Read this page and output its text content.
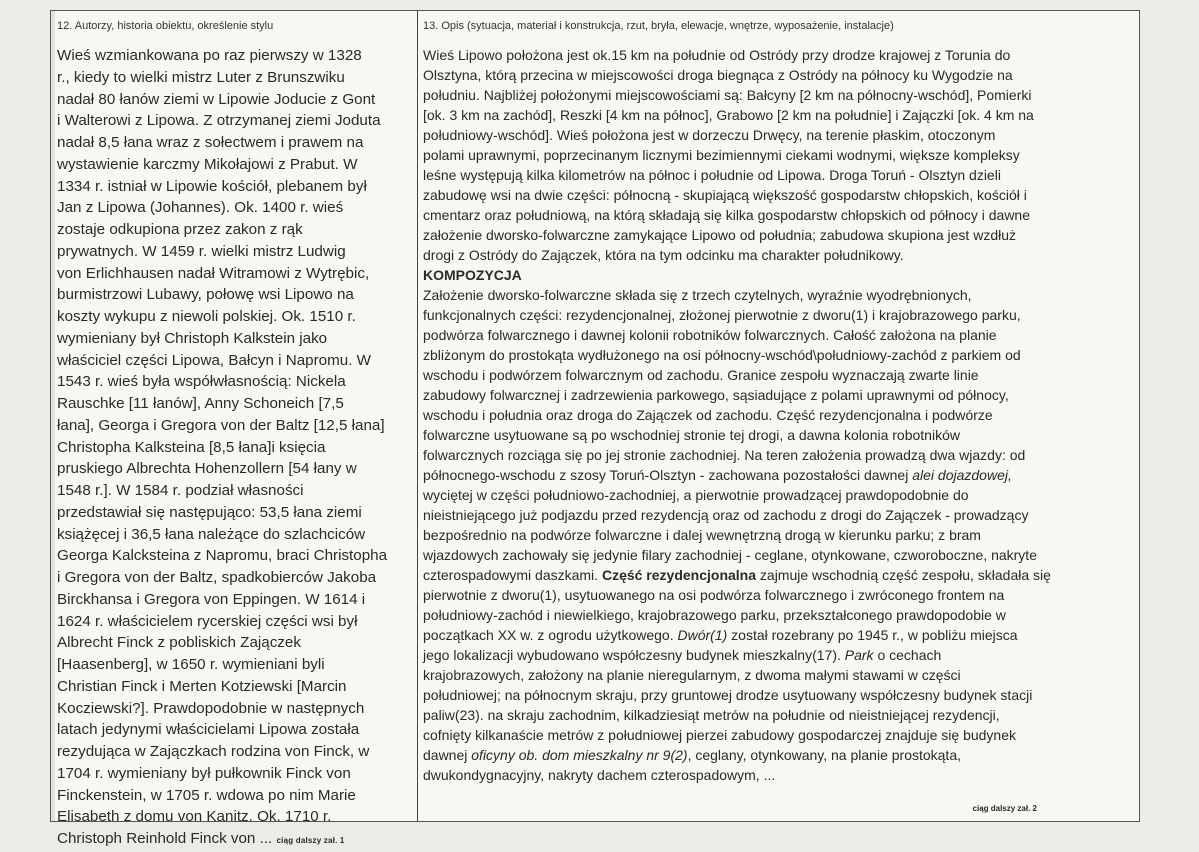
12. Autorzy, historia obiektu, określenie stylu
Wieś wzmiankowana po raz pierwszy w 1328
r., kiedy to wielki mistrz Luter z Brunszwiku
nadał 80 łanów ziemi w Lipowie Joducie z Gont
i Walterowi z Lipowa. Z otrzymanej ziemi Joduta
nadał 8,5 łana wraz z sołectwem i prawem na
wystawienie karczmy Mikołajowi z Prabut. W
1334 r. istniał w Lipowie kościół, plebanem był
Jan z Lipowa (Johannes). Ok. 1400 r. wieś
zostaje odkupiona przez zakon z rąk
prywatnych. W 1459 r. wielki mistrz Ludwig
von Erlichhausen nadał Witramowi z Wytrębic,
burmistrzowi Lubawy, połowę wsi Lipowo na
koszty wykupu z niewoli polskiej. Ok. 1510 r.
wymieniany był Christoph Kalkstein jako
właściciel części Lipowa, Bałcyn i Napromu. W
1543 r. wieś była współwłasnością: Nickela
Rauschke [11 łanów], Anny Schoneich [7,5
łana], Georga i Gregora von der Baltz [12,5 łana]
Christopha Kalksteina [8,5 łana]i księcia
pruskiego Albrechta Hohenzollern [54 łany w
1548 r.]. W 1584 r. podział własności
przedstawiał się następująco: 53,5 łana ziemi
książęcej i 36,5 łana należące do szlachciców
Georga Kalcksteina z Napromu, braci Christopha
i Gregora von der Baltz, spadkobierców Jakoba
Birckhansa i Gregora von Eppingen. W 1614 i
1624 r. właścicielem rycerskiej części wsi był
Albrecht Finck z pobliskich Zajączek
[Haasenberg], w 1650 r. wymieniani byli
Christian Finck i Merten Kotziewski [Marcin
Kocziewski?]. Prawdopodobnie w następnych
latach jedynymi właścicielami Lipowa została
rezydująca w Zajączkach rodzina von Finck, w
1704 r. wymieniany był pułkownik Finck von
Finckenstein, w 1705 r. wdowa po nim Marie
Elisabeth z domu von Kanitz. Ok. 1710 r.
Christoph Reinhold Finck von ... ciąg dalszy zał. 1
13. Opis (sytuacja, materiał i konstrukcja, rzut, bryła, elewacje, wnętrze, wyposażenie, instalacje)
Wieś Lipowo położona jest ok.15 km na południe od Ostródy przy drodze krajowej z Torunia do
Olsztyna, którą przecina w miejscowości droga biegnąca z Ostródy na północy ku Wygodzie na
południu. Najbliżej położonymi miejscowościami są: Bałcyny [2 km na północny-wschód], Pomierki
[ok. 3 km na zachód], Reszki [4 km na północ], Grabowo [2 km na południe] i Zajączki [ok. 4 km na
południowy-wschód]. Wieś położona jest w dorzeczu Drwęcy, na terenie płaskim, otoczonym
polami uprawnymi, poprzecinanym licznymi bezimiennymi ciekami wodnymi, większe kompleksy
leśne występują kilka kilometrów na północ i południe od Lipowa. Droga Toruń - Olsztyn dzieli
zabudowę wsi na dwie części: północną - skupiającą większość gospodarstw chłopskich, kościół i
cmentarz oraz południową, na którą składają się kilka gospodarstw chłopskich od północy i dawne
założenie dworsko-folwarczne zamykające Lipowo od południa; zabudowa skupiona jest wzdłuż
drogi z Ostródy do Zajączek, która na tym odcinku ma charakter południkowy.
KOMPOZYCJA
Założenie dworsko-folwarczne składa się z trzech czytelnych, wyraźnie wyodrębnionych,
funkcjonalnych części: rezydencjonalnej, złożonej pierwotnie z dworu(1) i krajobrazowego parku,
podwórza folwarcznego i dawnej kolonii robotników folwarcznych. Całość założona na planie
zbliżonym do prostokąta wydłużonego na osi północny-wschód\południowy-zachód z parkiem od
wschodu i podwórzem folwarcznym od zachodu. Granice zespołu wyznaczają zwarte linie
zabudowy folwarcznej i zadrzewienia parkowego, sąsiadujące z polami uprawnymi od północy,
wschodu i południa oraz droga do Zajączek od zachodu. Część rezydencjonalna i podwórze
folwarczne usytuowane są po wschodniej stronie tej drogi, a dawna kolonia robotników
folwarcznych rozciąga się po jej stronie zachodniej. Na teren założenia prowadzą dwa wjazdy: od
północnego-wschodu z szosy Toruń-Olsztyn - zachowana pozostałości dawnej alei dojazdowej,
wyciętej w części południowo-zachodniej, a pierwotnie prowadzącej prawdopodobnie do
nieistniejącego już podjazdu przed rezydencją oraz od zachodu z drogi do Zajączek - prowadzący
bezpośrednio na podwórze folwarczne i dalej wewnętrzną drogą w kierunku parku; z bram
wjazdowych zachowały się jedynie filary zachodniej - ceglane, otynkowane, czworoboczne, nakryte
czterospadowymi daszkami. Część rezydencjonalna zajmuje wschodnią część zespołu, składała się
pierwotnie z dworu(1), usytuowanego na osi podwórza folwarcznego i zwróconego frontem na
południowy-zachód i niewielkiego, krajobrazowego parku, przekształconego prawdopodobie w
początkach XX w. z ogrodu użytkowego. Dwór(1) został rozebrany po 1945 r., w pobliżu miejsca
jego lokalizacji wybudowano współczesny budynek mieszkalny(17). Park o cechach
krajobrazowych, założony na planie nieregularnym, z dwoma małymi stawami w części
południowej; na północnym skraju, przy gruntowej drodze usytuowany współczesny budynek stacji
paliw(23). na skraju zachodnim, kilkadziesiąt metrów na południe od nieistniejącej rezydencji,
cofnięty kilkanaście metrów z południowej pierzei zabudowy gospodarczej znajduje się budynek
dawnej oficyny ob. dom mieszkalny nr 9(2), ceglany, otynkowany, na planie prostokąta,
dwukondygnacyjny, nakryty dachem czterospadowym, ...
ciąg dalszy zał. 2
